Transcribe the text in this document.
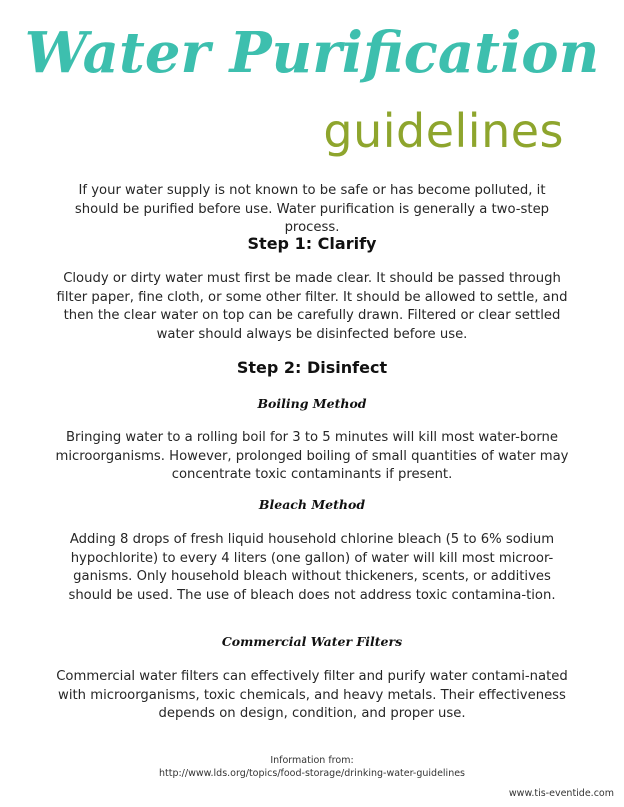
Water Purification
guidelines

If your water supply is not known to be safe or has become polluted, it should be purified before use. Water purification is generally a two-step process.

Step 1: Clarify

Cloudy or dirty water must first be made clear. It should be passed through filter paper, fine cloth, or some other filter. It should be allowed to settle, and then the clear water on top can be carefully drawn. Filtered or clear settled water should always be disinfected before use.

Step 2: Disinfect
Boiling Method

Bringing water to a rolling boil for 3 to 5 minutes will kill most water-borne microorganisms. However, prolonged boiling of small quantities of water may concentrate toxic contaminants if present.

Bleach Method

Adding 8 drops of fresh liquid household chlorine bleach (5 to 6% sodium hypochlorite) to every 4 liters (one gallon) of water will kill most microor-ganisms. Only household bleach without thickeners, scents, or additives should be used. The use of bleach does not address toxic contamina-tion.

Commercial Water Filters

Commercial water filters can effectively filter and purify water contami-nated with microorganisms, toxic chemicals, and heavy metals. Their effectiveness depends on design, condition, and proper use.

Information from:
http://www.lds.org/topics/food-storage/drinking-water-guidelines
www.tis-eventide.com
